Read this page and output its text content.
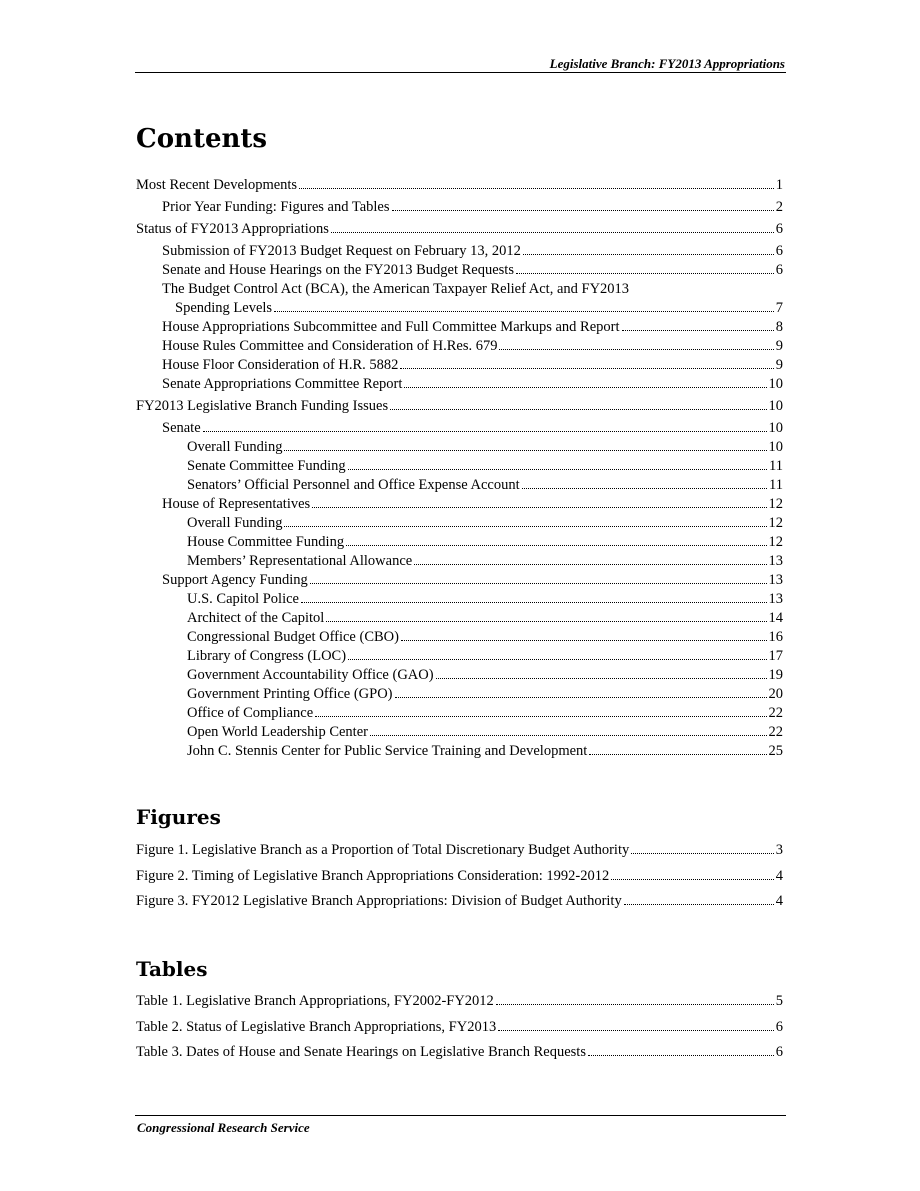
Legislative Branch: FY2013 Appropriations
Contents
Most Recent Developments	1
Prior Year Funding: Figures and Tables	2
Status of FY2013 Appropriations	6
Submission of FY2013 Budget Request on February 13, 2012	6
Senate and House Hearings on the FY2013 Budget Requests	6
The Budget Control Act (BCA), the American Taxpayer Relief Act, and FY2013
Spending Levels	7
House Appropriations Subcommittee and Full Committee Markups and Report	8
House Rules Committee and Consideration of H.Res. 679	9
House Floor Consideration of H.R. 5882	9
Senate Appropriations Committee Report	10
FY2013 Legislative Branch Funding Issues	10
Senate	10
Overall Funding	10
Senate Committee Funding	11
Senators’ Official Personnel and Office Expense Account	11
House of Representatives	12
Overall Funding	12
House Committee Funding	12
Members’ Representational Allowance	13
Support Agency Funding	13
U.S. Capitol Police	13
Architect of the Capitol	14
Congressional Budget Office (CBO)	16
Library of Congress (LOC)	17
Government Accountability Office (GAO)	19
Government Printing Office (GPO)	20
Office of Compliance	22
Open World Leadership Center	22
John C. Stennis Center for Public Service Training and Development	25
Figures
Figure 1. Legislative Branch as a Proportion of Total Discretionary Budget Authority	3
Figure 2. Timing of Legislative Branch Appropriations Consideration: 1992-2012	4
Figure 3. FY2012 Legislative Branch Appropriations: Division of Budget Authority	4
Tables
Table 1. Legislative Branch Appropriations, FY2002-FY2012	5
Table 2. Status of Legislative Branch Appropriations, FY2013	6
Table 3. Dates of House and Senate Hearings on Legislative Branch Requests	6
Congressional Research Service
